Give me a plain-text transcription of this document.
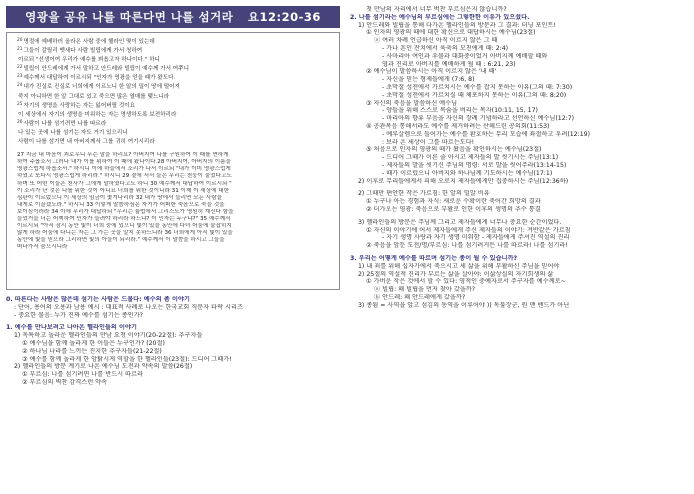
영광을 공유 나를 따른다면 나를 섬거라 요12:20-36
$^{20}$명절에 예배하러 올라온 사람 중에 헬라인 몇이 있는데
$^{21}$그들이 갈릴리 벳새다 사람 빌립에게 가서 청하여
이르되 "선생이여 우리가 예수를 뵈옵고자 하나이다." 하니
$^{22}$빌립이 안드레에게 가서 말하고 안드레와 빌립이 예수께 가서 여쭈니
$^{23}$예수께서 대답하여 이르시되 "인자가 영광을 얻을 때가 왔도다.
$^{24}$내가 진실로 진실로 너희에게 이르노니 한 알의 밀이 땅에 떨어져
죽지 아니하면 한 알 그대로 있고 죽으면 많은 열매를 맺느니라
$^{25}$자기의 생명을 사랑하는 자는 잃어버릴 것이요
이 세상에서 자기의 생명을 미워하는 자는 영생하도록 보전하리라
$^{26}$사람이 나를 섬기려면 나를 따르라
나 있는 곳에 나를 섬기는 자도 거기 있으리니
사람이 나를 섬기면 내 아버지께서 그를 귀히 여기시리라
27 지금 내 마음이 괴로우니 무슨 말을 하리요? 아버지여 나를 구원하여 이 때를 면하게
하여 주옵소서 그러나 내가 이를 위하여 이 때에 왔나이다 28 아버지여, 아버지의 이름을
영광스럽게 하옵소서." 하시니 이에 하늘에서 소리가 나서 이르되 "내가 이미 영광스럽게
하였고 또다시 영광스럽게 하리라." 하시니 29 곁에 서서 들은 무리는 천둥이 울었다고도
하며 또 어떤 이들은 천사가 그에게 말하였다고도 하니 30 예수께서 대답하여 이르시되 "
이 소리가 난 것은 나를 위한 것이 아니요 너희를 위한 것이니라 31 이제 이 세상에 대한
심판이 이르렀으니 이 세상의 임금이 쫓겨나리라 32 내가 땅에서 들리면 모든 사람을
내게로 이끌겠노라." 하시니 33 이렇게 말씀하심은 자기가 어떠한 죽음으로 죽을 것을
보이심이러라 34 이에 무리가 대답하되 "우리는 율법에서 그리스도가 영원히 계신다 함을
들었거늘 너는 어찌하여 인자가 들려야 하리라 하느냐? 이 인자는 누구냐?" 35 예수께서
이르시되 "아직 잠시 동안 빛이 너희 중에 있으니 빛이 있을 동안에 다녀 어둠에 붙잡히지
않게 하라 어둠에 다니는 자는 그 가는 곳을 알지 못하느니라 36 너희에게 아직 빛이 있을
동안에 빛을 믿으라 그리하면 빛의 아들이 되리라." 예수께서 이 말씀을 하시고 그들을
떠나가서 숨으시니라
0. 따른다는 사람은 많은데 섬기는 사람은 드물다: 예수의 좀 이야기
: 단어, 용어의 오용과 남용 예시 : 대표적 사례로 나오는 한국교회 직분자 타락 시리즈
- 중요한 물음: 누가 진짜 예수를 섬기는 종인가?
1. 예수를 만나보려고 나아온 헬라인들의 이야기
1) 독특하고 놀라운 헬라인들의 만남 요청 이야기(20-22절): 추구자들
① 예수님을 함께 놀라게 한 이들은 누구인가? (20절)
② 하나님 나라를 느끼는 진지한 추구자들(21-22절)
③ 예수를 함께 놀라게 한 암탉시게 역할을 한 헬라인들(23절): 드디어 그때가!
2) 헬라인들의 방문 계기로 나온 예수님 도전과 약속의 말씀(26절)
① 부르심: 나를 섬기려면 나를 반드시 따르라
② 부르심의 벽찬 감격스런 약속
첫 만남의 자리에서 너무 벅찬 부르심은지 않습니까?
2. 나를 섬기라는 예수님의 부르심에는 그렇한한 이유가 있으셨다.
1) 안드레와 빌립을 통해 다가온 헬라인들의 방문과 그 결과: 터닝 포인트!
① 인자의 영광의 때에 대한 확신으로 대답하시는 예수님(23절)
ⓐ 여러 차례 언급하신 아직 이르지 않은 그 때
- 가나 혼인 잔치에서 육축의 모친에게 때: 2:4)
- 사마리아 여인과 우물과 대화중이었거 아버지께 예배할 때와
영과 진리로 아버지를 예배하게 될 때 : 6:21, 23)
② 예수님이 말씀하시는 아직 이르지 않은 '내 때'
- 자신을 믿는 형제들에게 (7:6, 8)
- 초막절 성전에서 가르치시는 예수를 잡지 못하는 이유(그의 때: 7:30)
- 초막절 성전에서 가르치실 때 체포하지 못하는 이유(그의 때: 8:20)
③ 자신의 죽음을 말씀하신 예수님
- 양들을 위해 스스로 목숨을 버리는 목자(10:11, 15, 17)
- 마리아의 향유 부음을 자신의 장례 기념하라고 선언하신 예수님(12:7)
④ 공관복음 통해서라도 예수를 제거하려는 산헤드린 공의회(11:53)
- 예루살렘으로 들어가는 예수를 환호하는 무리 모습에 좌절하고 우려(12:19)
: 보라 온 세상이 그를 따르는도다!
⑤ 처음으로 인자의 영광의 때가 왔음을 확인하시는 예수님(23절)
- 드디어 그때가 이른 줄 아시고 제자들의 발 씻기시는 주님(13:1)
- 제자들의 발을 씻기신 주님의 명령: 서로 발을 씻어주라(13:14-15)
- 때가 이르렀으니 아버지와 하나님께 기도하시는 예수님(17:1)
2) 이후로 무리들에게서 피해 오로지 제자들에게만 집중하시는 주님(12:36하)
2) 그때만 편안한 작은 가르침: 한 알의 밀알 비유
① 누구나 아는 경험과 자식: 새로운 수확이란 죽어간 희망의 결과
② 더가오는 영광: 죽음으로 부활로 인한 이후의 생명의 추수 통결
3) 헬라인들의 방문은 주님께 그리고 제자들에게 너무나 중요한 순간이었다.
① 자신의 이야기에 어서 제자들에게 주신 제자들의 이야기: 겨반같은 가르침
- 자기 생명 사랑과 자기 생명 미워함 - 제자들에게 주셔진 역설의 진리
② 죽음을 앞둔 도전/명/부르심: 나를 섬기려거든 나를 따르라! 나를 섬기라!
3. 우리는 어떻게 예수를 따르며 섬기는 종이 될 수 있습니까?
1) 내 죄를 위해 십자가에서 죽으시고 세 삶을 위해 부활하신 주님을 믿어야
2) 25절의 역설적 진리가 부르는 삶을 살아야: 이삶상실의 자기희생의 삶
① 가버운 작은 것에서 할 수 있다: 영적인 중예자로서 주구자를 예수께로~
ⓐ 빌립: 왜 빌립을 먼저 찾아 갔을까?
ⓑ 안드레: 왜 안드레에게 갔을까?
3) 종됨 = 사역을 앞고 섬김의 동역을 이루어야 )) 독불장군, 원 맨 밴드가 아닌
